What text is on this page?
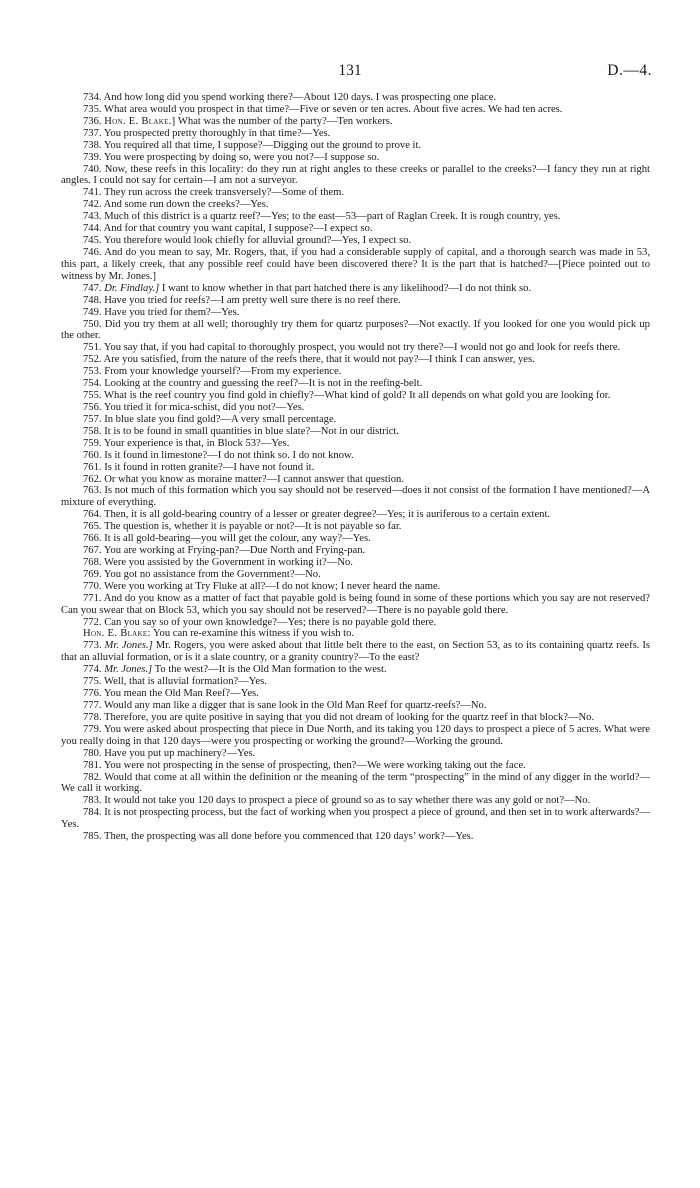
131	D.—4.

734. And how long did you spend working there?—About 120 days. I was prospecting one place.

735. What area would you prospect in that time?—Five or seven or ten acres. About five acres. We had ten acres.

736. Hon. E. Blake.] What was the number of the party?—Ten workers.

737. You prospected pretty thoroughly in that time?—Yes.

738. You required all that time, I suppose?—Digging out the ground to prove it.

739. You were prospecting by doing so, were you not?—I suppose so.

740. Now, these reefs in this locality: do they run at right angles to these creeks or parallel to the creeks?—I fancy they run at right angles. I could not say for certain—I am not a surveyor.

741. They run across the creek transversely?—Some of them.

742. And some run down the creeks?—Yes.

743. Much of this district is a quartz reef?—Yes; to the east—53—part of Raglan Creek. It is rough country, yes.

744. And for that country you want capital, I suppose?—I expect so.

745. You therefore would look chiefly for alluvial ground?—Yes, I expect so.

746. And do you mean to say, Mr. Rogers, that, if you had a considerable supply of capital, and a thorough search was made in 53, this part, a likely creek, that any possible reef could have been discovered there? It is the part that is hatched?—[Piece pointed out to witness by Mr. Jones.]

747. Dr. Findlay.] I want to know whether in that part hatched there is any likelihood?—I do not think so.

748. Have you tried for reefs?—I am pretty well sure there is no reef there.

749. Have you tried for them?—Yes.

750. Did you try them at all well; thoroughly try them for quartz purposes?—Not exactly. If you looked for one you would pick up the other.

751. You say that, if you had capital to thoroughly prospect, you would not try there?—I would not go and look for reefs there.

752. Are you satisfied, from the nature of the reefs there, that it would not pay?—I think I can answer, yes.

753. From your knowledge yourself?—From my experience.

754. Looking at the country and guessing the reef?—It is not in the reefing-belt.

755. What is the reef country you find gold in chiefly?—What kind of gold? It all depends on what gold you are looking for.

756. You tried it for mica-schist, did you not?—Yes.

757. In blue slate you find gold?—A very small percentage.

758. It is to be found in small quantities in blue slate?—Not in our district.

759. Your experience is that, in Block 53?—Yes.

760. Is it found in limestone?—I do not think so. I do not know.

761. Is it found in rotten granite?—I have not found it.

762. Or what you know as moraine matter?—I cannot answer that question.

763. Is not much of this formation which you say should not be reserved—does it not consist of the formation I have mentioned?—A mixture of everything.

764. Then, it is all gold-bearing country of a lesser or greater degree?—Yes; it is auriferous to a certain extent.

765. The question is, whether it is payable or not?—It is not payable so far.

766. It is all gold-bearing—you will get the colour, any way?—Yes.

767. You are working at Frying-pan?—Due North and Frying-pan.

768. Were you assisted by the Government in working it?—No.

769. You got no assistance from the Government?—No.

770. Were you working at Try Fluke at all?—I do not know; I never heard the name.

771. And do you know as a matter of fact that payable gold is being found in some of these portions which you say are not reserved? Can you swear that on Block 53, which you say should not be reserved?—There is no payable gold there.

772. Can you say so of your own knowledge?—Yes; there is no payable gold there.

Hon. E. Blake: You can re-examine this witness if you wish to.

773. Mr. Jones.] Mr. Rogers, you were asked about that little belt there to the east, on Section 53, as to its containing quartz reefs. Is that an alluvial formation, or is it a slate country, or a granity country?—To the east?

774. Mr. Jones.] To the west?—It is the Old Man formation to the west.

775. Well, that is alluvial formation?—Yes.

776. You mean the Old Man Reef?—Yes.

777. Would any man like a digger that is sane look in the Old Man Reef for quartz-reefs?—No.

778. Therefore, you are quite positive in saying that you did not dream of looking for the quartz reef in that block?—No.

779. You were asked about prospecting that piece in Due North, and its taking you 120 days to prospect a piece of 5 acres. What were you really doing in that 120 days—were you prospecting or working the ground?—Working the ground.

780. Have you put up machinery?—Yes.

781. You were not prospecting in the sense of prospecting, then?—We were working taking out the face.

782. Would that come at all within the definition or the meaning of the term “prospecting” in the mind of any digger in the world?—We call it working.

783. It would not take you 120 days to prospect a piece of ground so as to say whether there was any gold or not?—No.

784. It is not prospecting process, but the fact of working when you prospect a piece of ground, and then set in to work afterwards?—Yes.

785. Then, the prospecting was all done before you commenced that 120 days’ work?—Yes.
